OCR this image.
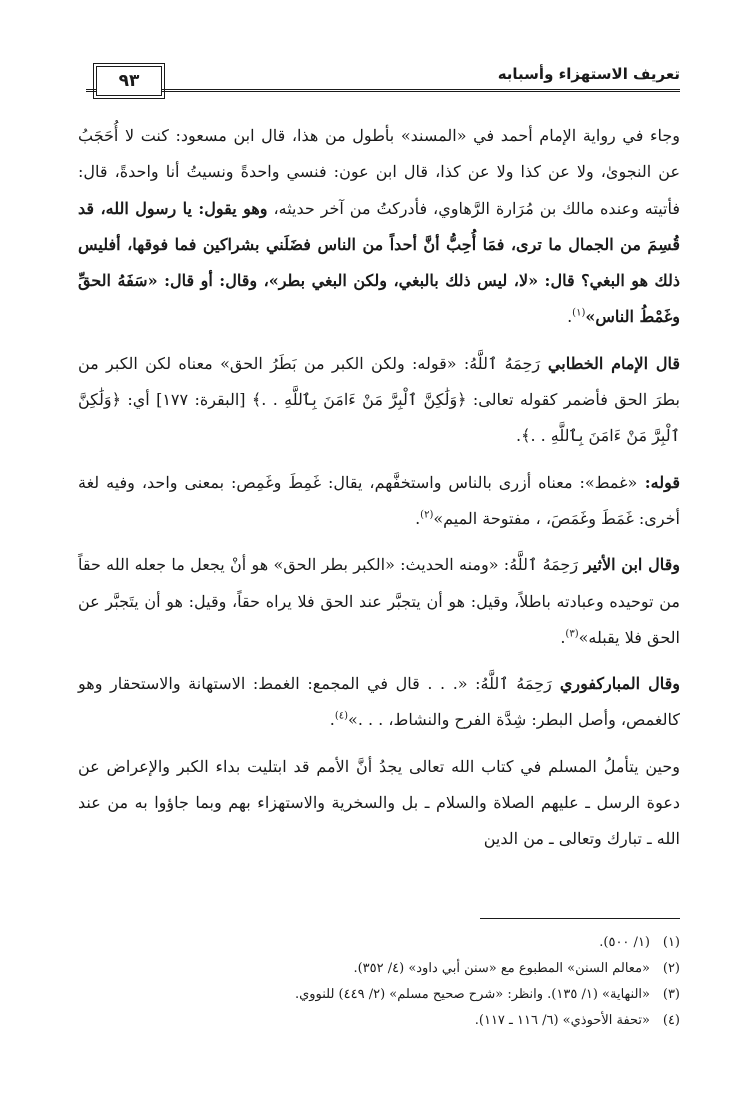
٩٣	تعريف الاستهزاء وأسبابه

وجاء في رواية الإمام أحمد في «المسند» بأطول من هذا، قال ابن مسعود: كنت لا أُحَجَبُ عن النجوىٰ، ولا عن كذا ولا عن كذا، قال ابن عون: فنسي واحدةً ونسيتُ أنا واحدةً، قال: فأتيته وعنده مالك بن مُرَارة الرَّهاوي، فأدركتُ من آخر حديثه، وهو يقول: يا رسول الله، قد قُسِمَ من الجمال ما ترى، فمَا أُحِبُّ أنَّ أحداً من الناس فضَلَني بشراكين فما فوقها، أفليس ذلك هو البغي؟ قال: «لا، ليس ذلك بالبغي، ولكن البغي بطر»، وقال: أو قال: «سَفَهُ الحقِّ وغَمْطُ الناس»$^{(١)}$.

قال الإمام الخطابي رَحِمَهُ ٱللَّهُ: «قوله: ولكن الكبر من بَطَرُ الحق» معناه لكن الكبر من بطرَ الحق فأضمر كقوله تعالى: ﴿وَلَٰكِنَّ ٱلْبِرَّ مَنْ ءَامَنَ بِٱللَّهِ . .﴾ [البقرة: ١٧٧] أي: ﴿وَلَٰكِنَّ ٱلْبِرَّ مَنْ ءَامَنَ بِٱللَّهِ . .﴾.

قوله: «غمط»: معناه أزرى بالناس واستخفَّهم، يقال: غَمِطَ وغَمِص: بمعنى واحد، وفيه لغة أخرى: غَمَطَ وغَمَصَ، ، مفتوحة الميم»$^{(٢)}$.

وقال ابن الأثير رَحِمَهُ ٱللَّهُ: «ومنه الحديث: «الكبر بطر الحق» هو أنْ يجعل ما جعله الله حقاً من توحيده وعبادته باطلاً، وقيل: هو أن يتجبَّر عند الحق فلا يراه حقاً، وقيل: هو أن يتَجبَّر عن الحق فلا يقبله»$^{(٣)}$.

وقال المباركفوري رَحِمَهُ ٱللَّهُ: «. . . قال في المجمع: الغمط: الاستهانة والاستحقار وهو كالغمص، وأصل البطر: شِدَّة الفرح والنشاط، . . .»$^{(٤)}$.

وحين يتأملُ المسلم في كتاب الله تعالى يجدُ أنَّ الأمم قد ابتليت بداء الكبر والإعراض عن دعوة الرسل ـ عليهم الصلاة والسلام ـ بل والسخرية والاستهزاء بهم وبما جاؤوا به من عند الله ـ تبارك وتعالى ـ من الدين

(١)(١/ ٥٠٠).

(٢)«معالم السنن» المطبوع مع «سنن أبي داود» (٤/ ٣٥٢).

(٣)«النهاية» (١/ ١٣٥). وانظر: «شرح صحيح مسلم» (٢/ ٤٤٩) للنووي.

(٤)«تحفة الأحوذي» (٦/ ١١٦ ـ ١١٧).
